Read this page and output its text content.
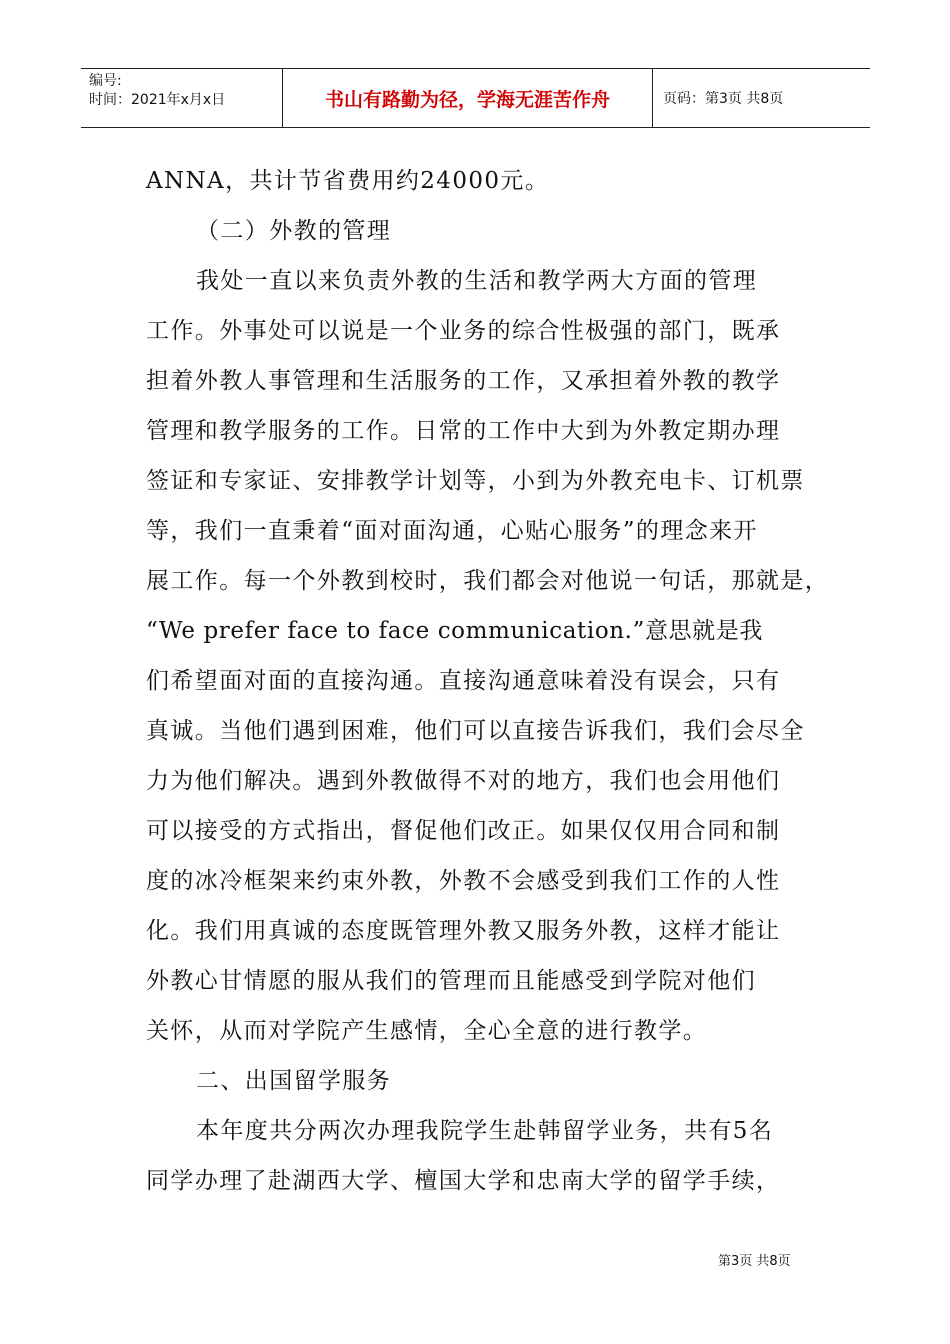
编号:
时间：2021年x月x日	书山有路勤为径，学海无涯苦作舟	页码：第3页 共8页
ANNA，共计节省费用约24000元。
（二）外教的管理
我处一直以来负责外教的生活和教学两大方面的管理
工作。外事处可以说是一个业务的综合性极强的部门，既承
担着外教人事管理和生活服务的工作，又承担着外教的教学
管理和教学服务的工作。日常的工作中大到为外教定期办理
签证和专家证、安排教学计划等，小到为外教充电卡、订机票
等，我们一直秉着“面对面沟通，心贴心服务”的理念来开
展工作。每一个外教到校时，我们都会对他说一句话，那就是，
“We prefer face to face communication.”意思就是我
们希望面对面的直接沟通。直接沟通意味着没有误会，只有
真诚。当他们遇到困难，他们可以直接告诉我们，我们会尽全
力为他们解决。遇到外教做得不对的地方，我们也会用他们
可以接受的方式指出，督促他们改正。如果仅仅用合同和制
度的冰冷框架来约束外教，外教不会感受到我们工作的人性
化。我们用真诚的态度既管理外教又服务外教，这样才能让
外教心甘情愿的服从我们的管理而且能感受到学院对他们
关怀，从而对学院产生感情，全心全意的进行教学。
二、出国留学服务
本年度共分两次办理我院学生赴韩留学业务，共有5名
同学办理了赴湖西大学、檀国大学和忠南大学的留学手续，
第3页 共8页
